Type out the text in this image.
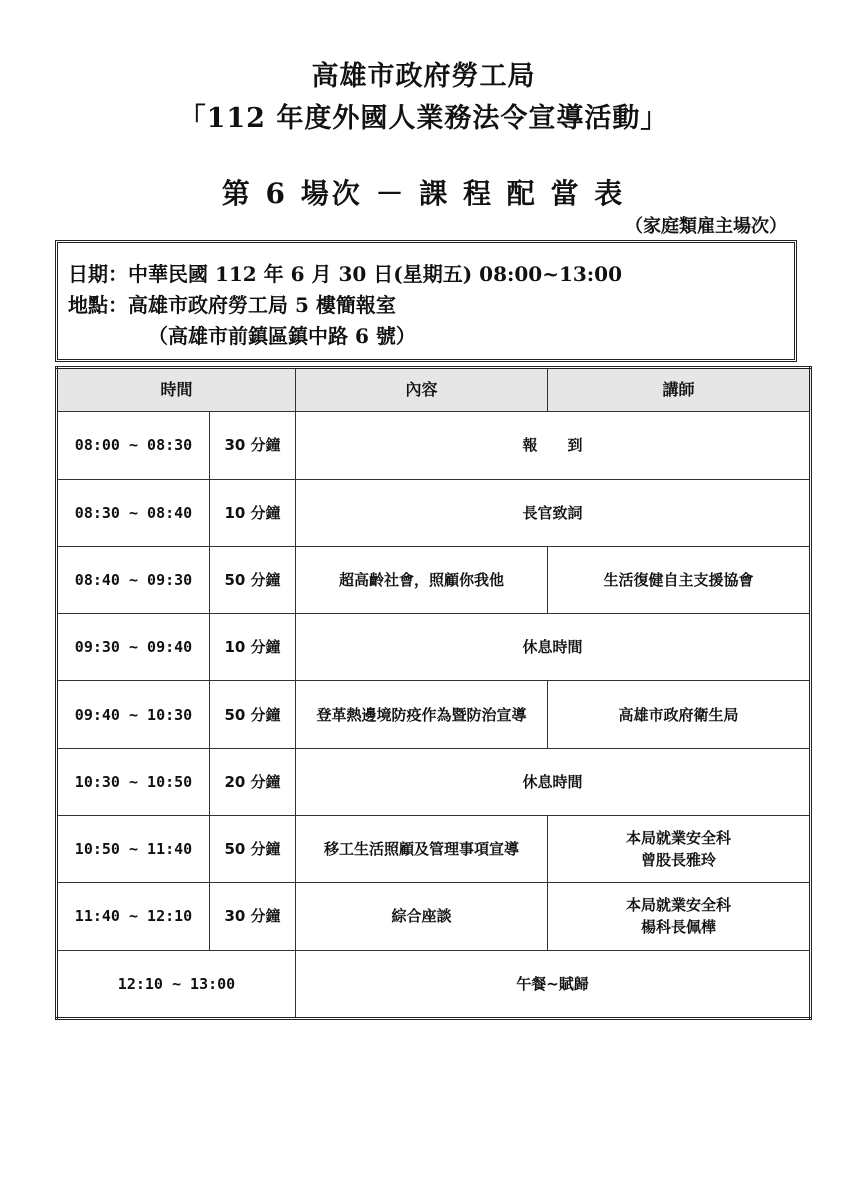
高雄市政府勞工局
「112 年度外國人業務法令宣導活動」
第 6 場次 － 課 程 配 當 表
（家庭類雇主場次）
日期：中華民國 112 年 6 月 30 日(星期五) 08:00~13:00
地點：高雄市政府勞工局 5 樓簡報室
（高雄市前鎮區鎮中路 6 號）
時間		內容	講師
08:00 ~ 08:30	30 分鐘	報　　到	
08:30 ~ 08:40	10 分鐘	長官致詞	
08:40 ~ 09:30	50 分鐘	超高齡社會，照顧你我他	生活復健自主支援協會
09:30 ~ 09:40	10 分鐘	休息時間	
09:40 ~ 10:30	50 分鐘	登革熱邊境防疫作為暨防治宣導	高雄市政府衛生局
10:30 ~ 10:50	20 分鐘	休息時間	
10:50 ~ 11:40	50 分鐘	移工生活照顧及管理事項宣導	本局就業安全科
曾股長雅玲

11:40 ~ 12:10	30 分鐘	綜合座談	本局就業安全科
楊科長佩樺

12:10 ~ 13:00		午餐~賦歸	
